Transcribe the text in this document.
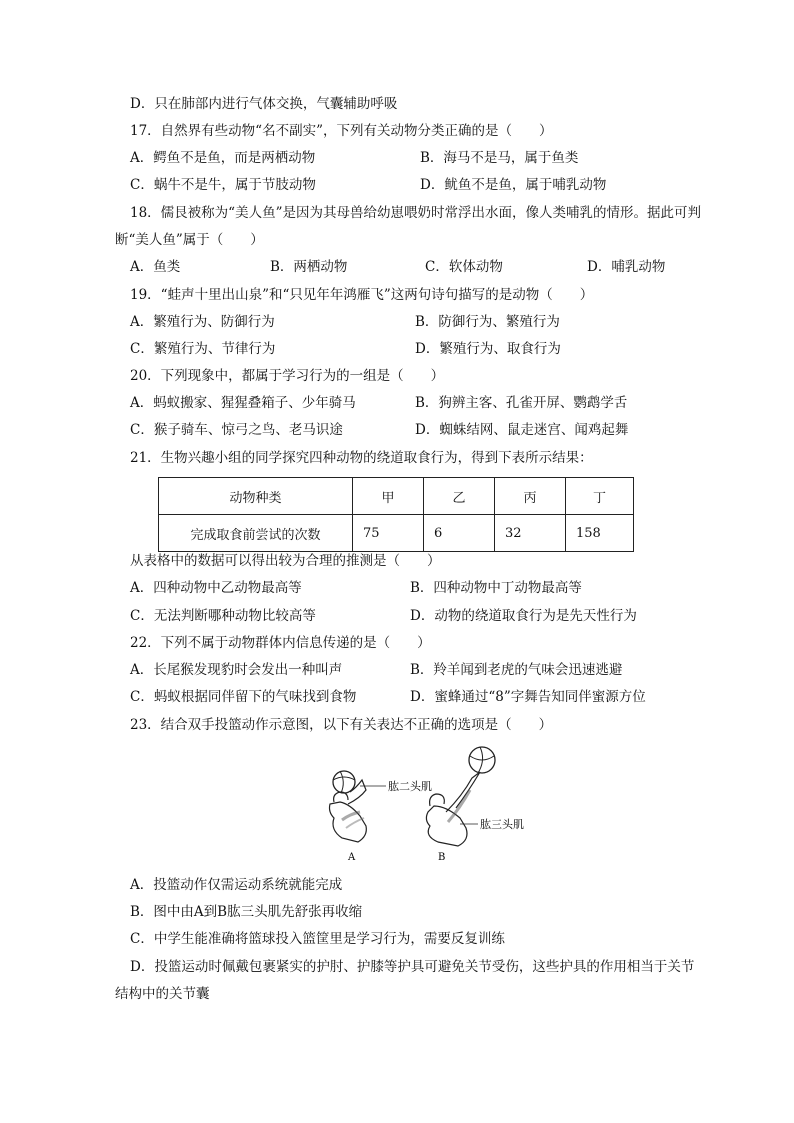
D．只在肺部内进行气体交换，气囊辅助呼吸
17．自然界有些动物“名不副实”，下列有关动物分类正确的是（　　）
A．鳄鱼不是鱼，而是两栖动物	B．海马不是马，属于鱼类
C．蜗牛不是牛，属于节肢动物	D．鱿鱼不是鱼，属于哺乳动物
18．儒艮被称为“美人鱼”是因为其母兽给幼崽喂奶时常浮出水面，像人类哺乳的情形。据此可判
断“美人鱼”属于（　　）
A．鱼类	B．两栖动物	C．软体动物	D．哺乳动物
19．“蛙声十里出山泉”和“只见年年鸿雁飞”这两句诗句描写的是动物（　　）
A．繁殖行为、防御行为	B．防御行为、繁殖行为
C．繁殖行为、节律行为	D．繁殖行为、取食行为
20．下列现象中，都属于学习行为的一组是（　　）
A．蚂蚁搬家、猩猩叠箱子、少年骑马	B．狗辨主客、孔雀开屏、鹦鹉学舌
C．猴子骑车、惊弓之鸟、老马识途	D．蜘蛛结网、鼠走迷宫、闻鸡起舞
21．生物兴趣小组的同学探究四种动物的绕道取食行为，得到下表所示结果：
动物种类	甲	乙	丙	丁
完成取食前尝试的次数	75	6	32	158
从表格中的数据可以得出较为合理的推测是（　　）
A．四种动物中乙动物最高等	B．四种动物中丁动物最高等
C．无法判断哪种动物比较高等	D．动物的绕道取食行为是先天性行为
22．下列不属于动物群体内信息传递的是（　　）
A．长尾猴发现豹时会发出一种叫声	B．羚羊闻到老虎的气味会迅速逃避
C．蚂蚁根据同伴留下的气味找到食物	D．蜜蜂通过“8”字舞告知同伴蜜源方位
23．结合双手投篮动作示意图，以下有关表达不正确的选项是（　　）
肱二头肌
肱三头肌
A	B
A．投篮动作仅需运动系统就能完成
B．图中由A到B肱三头肌先舒张再收缩
C．中学生能准确将篮球投入篮筐里是学习行为，需要反复训练
D．投篮运动时佩戴包裹紧实的护肘、护膝等护具可避免关节受伤，这些护具的作用相当于关节
结构中的关节囊
